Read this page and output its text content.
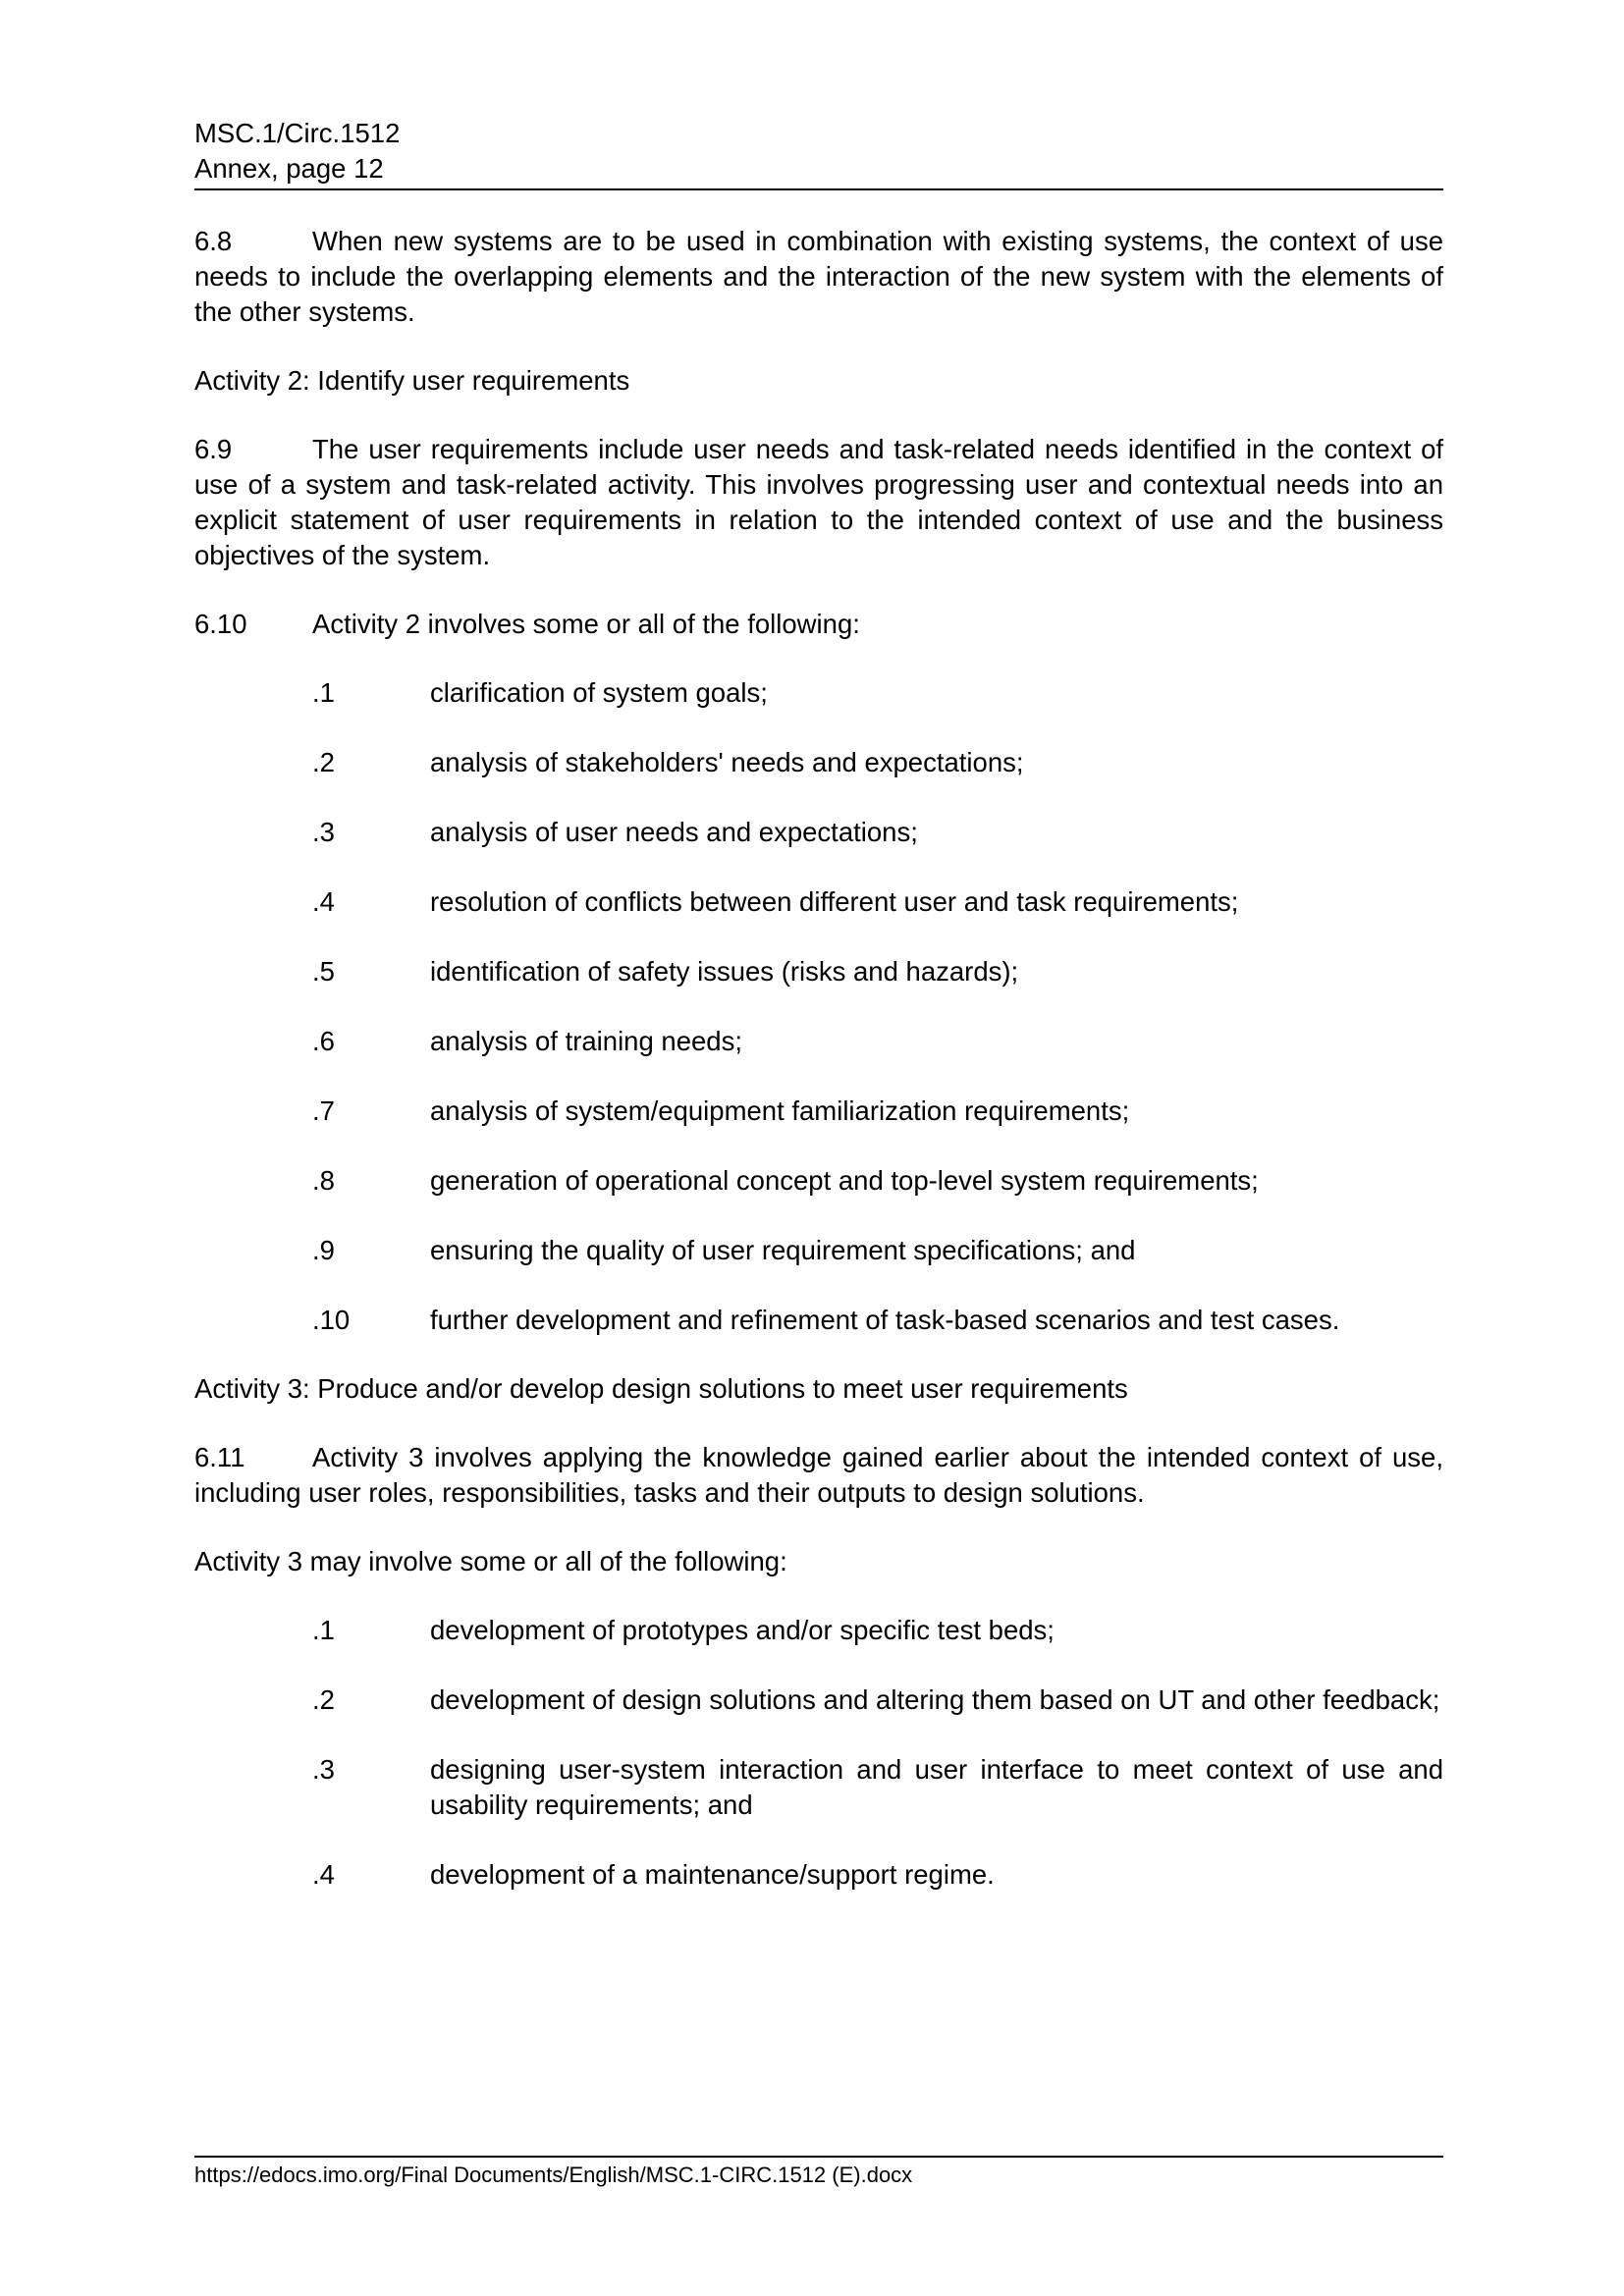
MSC.1/Circ.1512
Annex, page 12

6.8	When new systems are to be used in combination with existing systems, the context of use needs to include the overlapping elements and the interaction of the new system with the elements of the other systems.

Activity 2: Identify user requirements

6.9	The user requirements include user needs and task-related needs identified in the context of use of a system and task-related activity. This involves progressing user and contextual needs into an explicit statement of user requirements in relation to the intended context of use and the business objectives of the system.

6.10 Activity 2 involves some or all of the following:

.1	clarification of system goals;
.2	analysis of stakeholders' needs and expectations;
.3	analysis of user needs and expectations;
.4	resolution of conflicts between different user and task requirements;
.5	identification of safety issues (risks and hazards);
.6	analysis of training needs;
.7	analysis of system/equipment familiarization requirements;
.8	generation of operational concept and top-level system requirements;
.9	ensuring the quality of user requirement specifications; and
.10	further development and refinement of task-based scenarios and test cases.

Activity 3: Produce and/or develop design solutions to meet user requirements

6.11 Activity 3 involves applying the knowledge gained earlier about the intended context of use, including user roles, responsibilities, tasks and their outputs to design solutions.

Activity 3 may involve some or all of the following:

.1	development of prototypes and/or specific test beds;
.2	development of design solutions and altering them based on UT and other feedback;
.3	designing user-system interaction and user interface to meet context of use and usability requirements; and
.4	development of a maintenance/support regime.
https://edocs.imo.org/Final Documents/English/MSC.1-CIRC.1512 (E).docx
